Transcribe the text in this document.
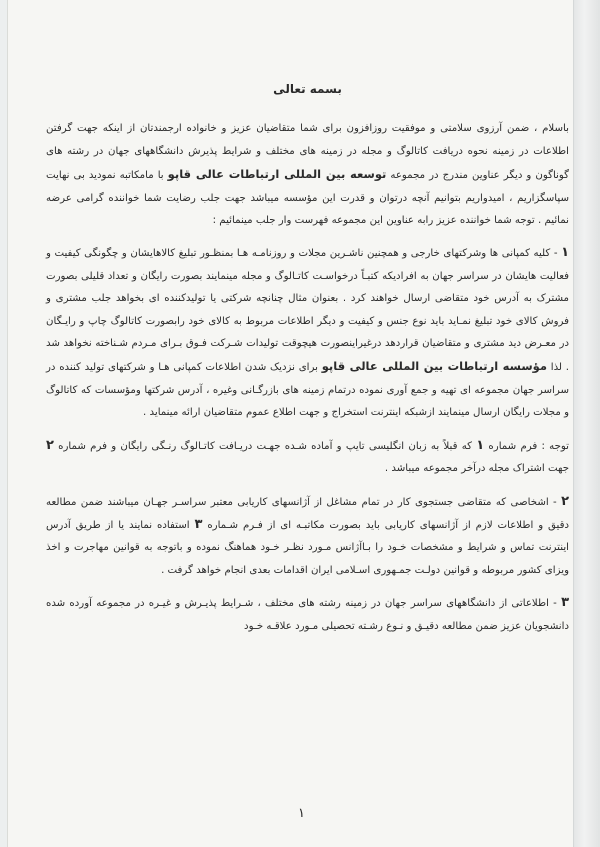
بسمه تعالی

باسلام ، ضمن آرزوی سلامتی و موفقیت روزافزون برای شما متقاضیان عزیز و خانواده ارجمندتان از اینکه جهت گرفتن اطلاعات در زمینه نحوه دریافت کاتالوگ و مجله در زمینه های مختلف و شرایط پذیرش دانشگاههای جهان در رشته های گوناگون و دیگر عناوین مندرج در مجموعه توسعه بین المللی ارتباطات عالی قاپو با مامکاتبه نمودید بی نهایت سپاسگزاریم ، امیدواریم بتوانیم آنچه درتوان و قدرت این مؤسسه میباشد جهت جلب رضایت شما خواننده گرامی عرضه نمائیم . توجه شما خواننده عزیز رابه عناوین این مجموعه فهرست وار جلب مینمائیم :

۱ - کلیه کمپانی ها وشرکتهای خارجی و همچنین ناشـرین مجلات و روزنامـه هـا بمنظـور تبلیغ کالاهایشان و چگونگی کیفیت و فعالیت هایشان در سراسر جهان به افرادیکه کتبـاً درخواسـت کاتـالوگ و مجله مینمایند بصورت رایگان و تعداد قلیلی بصورت مشترک به آدرس خود متقاضی ارسال خواهند کرد . بعنوان مثال چنانچه شرکتی یا تولیدکننده ای بخواهد جلب مشتری و فروش کالای خود تبلیغ نمـاید باید نوع جنس و کیفیت و دیگر اطلاعات مربوط به کالای خود رابصورت کاتالوگ چاپ و رایـگان در معـرض دید مشتری و متقاضیان قراردهد درغیراینصورت هیچوقت تولیدات شـرکت فـوق بـرای مـردم شـناخته نخواهد شد . لذا مؤسسه ارتباطات بین المللی عالی قاپو برای نزدیک شدن اطلاعات کمپانی هـا و شرکتهای تولید کننده در سراسر جهان مجموعه ای تهیه و جمع آوری نموده درتمام زمینه های بازرگـانی وغیره ، آدرس شرکتها ومؤسسات که کاتالوگ و مجلات رایگان ارسال مینمایند ازشبکه اینترنت استخراج و جهت اطلاع عموم متقاضیان ارائه مینماید .

توجه : فرم شماره ۱ که قبلاً به زبان انگلیسی تایپ و آماده شـده جهـت دریـافت کاتـالوگ رنـگی رایگان و فرم شماره ۲ جهت اشتراک مجله درآخر مجموعه میباشد .

۲ - اشخاصی که متقاضی جستجوی کار در تمام مشاغل از آژانسهای کاریابی معتبر سراسـر جهـان میباشند ضمن مطالعه دقیق و اطلاعات لازم از آژانسهای کاریابی باید بصورت مکاتبـه ای از فـرم شـماره ۳ استفاده نمایند یا از طریق آدرس اینترنت تماس و شرایط و مشخصات خـود را بـاآژانس مـورد نظـر خـود هماهنگ نموده و باتوجه به قوانین مهاجرت و اخذ ویزای کشور مربوطه و قوانین دولـت جمـهوری اسـلامی ایران اقدامات بعدی انجام خواهد گرفت .

۳ - اطلاعاتی از دانشگاههای سراسر جهان در زمینه رشته های مختلف ، شـرایط پذیـرش و غیـره در مجموعه آورده شده دانشجویان عزیز ضمن مطالعه دقیـق و نـوع رشـته تحصیلی مـورد علاقـه خـود

۱
